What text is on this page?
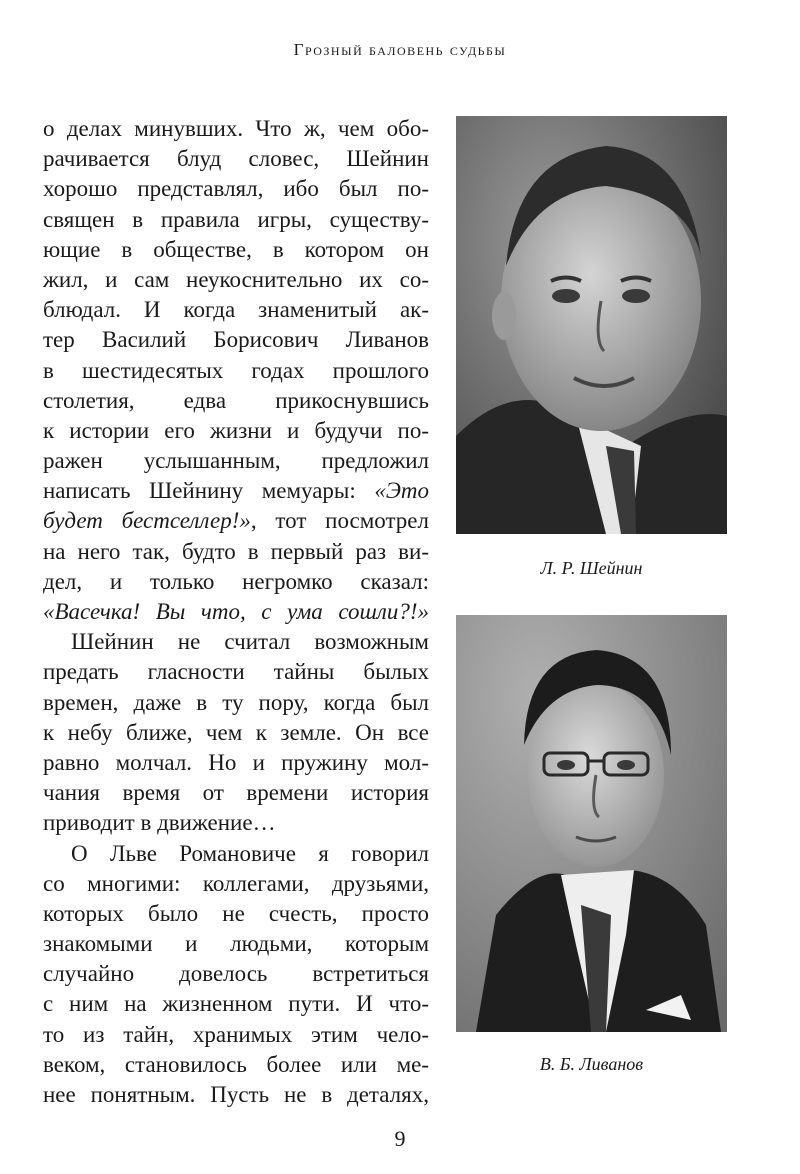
Грозный баловень судьбы
о делах минувших. Что ж, чем обо-
рачивается блуд словес, Шейнин
хорошо представлял, ибо был по-
священ в правила игры, существу-
ющие в обществе, в котором он
жил, и сам неукоснительно их со-
блюдал. И когда знаменитый ак-
тер Василий Борисович Ливанов
в шестидесятых годах прошлого
столетия, едва прикоснувшись
к истории его жизни и будучи по-
ражен услышанным, предложил
написать Шейнину мемуары: «Это
будет бестселлер!», тот посмотрел
на него так, будто в первый раз ви-
дел, и только негромко сказал:
«Васечка! Вы что, с ума сошли?!»
Шейнин не считал возможным
предать гласности тайны былых
времен, даже в ту пору, когда был
к небу ближе, чем к земле. Он все
равно молчал. Но и пружину мол-
чания время от времени история
приводит в движение…
О Льве Романовиче я говорил
со многими: коллегами, друзьями,
которых было не счесть, просто
знакомыми и людьми, которым
случайно довелось встретиться
с ним на жизненном пути. И что-
то из тайн, хранимых этим чело-
веком, становилось более или ме-
нее понятным. Пусть не в деталях,
Л. Р. Шейнин
В. Б. Ливанов
9
